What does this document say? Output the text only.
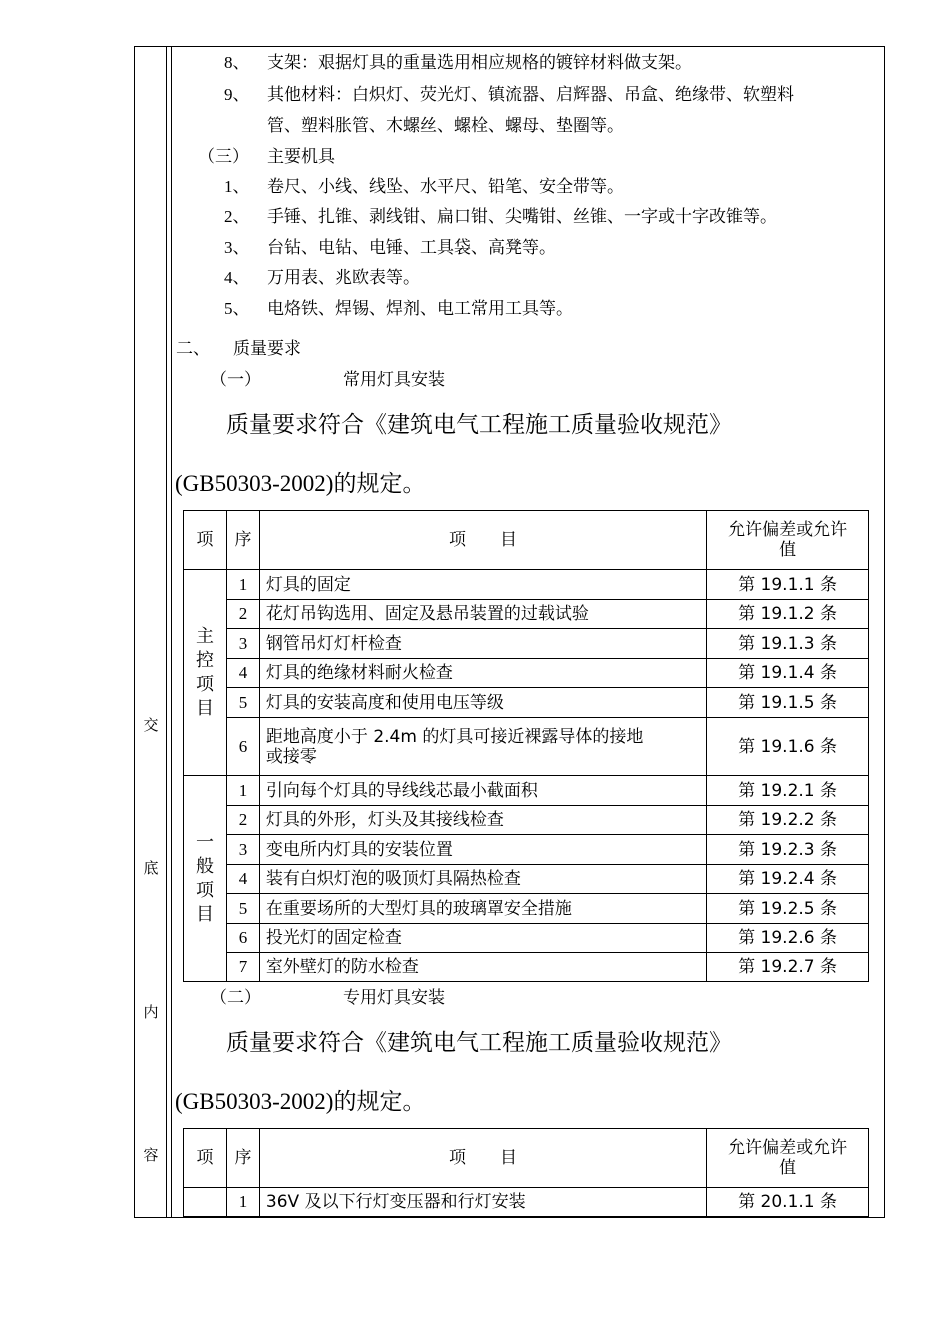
交
底
内
容
8、 支架：艰据灯具的重量选用相应规格的镀锌材料做支架。
9、 其他材料：白炽灯、荧光灯、镇流器、启辉器、吊盒、绝缘带、软塑料
管、塑料胀管、木螺丝、螺栓、螺母、垫圈等。
（三） 主要机具
1、 卷尺、小线、线坠、水平尺、铅笔、安全带等。
2、 手锤、扎锥、剥线钳、扁口钳、尖嘴钳、丝锥、一字或十字改锥等。
3、 台钻、电钻、电锤、工具袋、高凳等。
4、 万用表、兆欧表等。
5、 电烙铁、焊锡、焊剂、电工常用工具等。
二、 质量要求
（一）	常用灯具安装
质量要求符合《建筑电气工程施工质量验收规范》
(GB50303-2002)的规定。
项	序	项　　目	允许偏差或允许
值

主
控
项
目	1	灯具的固定	第 19.1.1 条
	2	花灯吊钩选用、固定及悬吊装置的过载试验	第 19.1.2 条
	3	钢管吊灯灯杆检查	第 19.1.3 条
	4	灯具的绝缘材料耐火检查	第 19.1.4 条
	5	灯具的安装高度和使用电压等级	第 19.1.5 条
	6	距地高度小于 2.4m 的灯具可接近裸露导体的接地
或接零	第 19.1.6 条

一
般
项
目	1	引向每个灯具的导线线芯最小截面积	第 19.2.1 条
	2	灯具的外形，灯头及其接线检查	第 19.2.2 条
	3	变电所内灯具的安装位置	第 19.2.3 条
	4	装有白炽灯泡的吸顶灯具隔热检查	第 19.2.4 条
	5	在重要场所的大型灯具的玻璃罩安全措施	第 19.2.5 条
	6	投光灯的固定检查	第 19.2.6 条
	7	室外壁灯的防水检查	第 19.2.7 条
（二）	专用灯具安装
质量要求符合《建筑电气工程施工质量验收规范》
(GB50303-2002)的规定。
项	序	项　　目	允许偏差或允许
值

	1	36V 及以下行灯变压器和行灯安装	第 20.1.1 条
